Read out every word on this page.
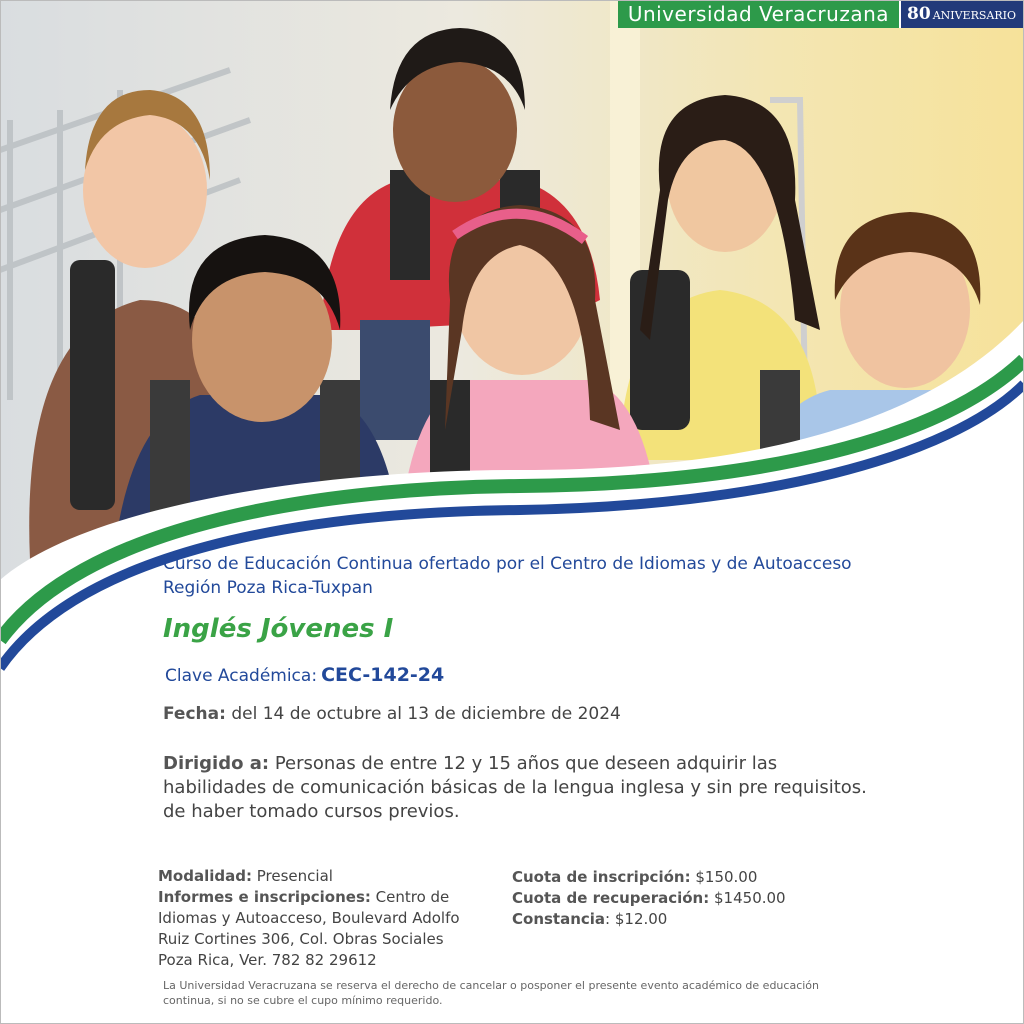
Universidad Veracruzana	80 ANIVERSARIO
Curso de Educación Continua ofertado por el Centro de Idiomas y de Autoacceso
Región Poza Rica-Tuxpan
Inglés Jóvenes I
Clave Académica: CEC-142-24
Fecha: del 14 de octubre al 13 de diciembre de 2024
Dirigido a: Personas de entre 12 y 15 años que deseen adquirir las
habilidades de comunicación básicas de la lengua inglesa y sin pre requisitos.
de haber tomado cursos previos.
Modalidad: Presencial
Informes e inscripciones: Centro de
Idiomas y Autoacceso, Boulevard Adolfo
Ruiz Cortines 306, Col. Obras Sociales
Poza Rica, Ver. 782 82 29612
Cuota de inscripción: $150.00
Cuota de recuperación: $1450.00
Constancia: $12.00
La Universidad Veracruzana se reserva el derecho de cancelar o posponer el presente evento académico de educación
continua, si no se cubre el cupo mínimo requerido.
